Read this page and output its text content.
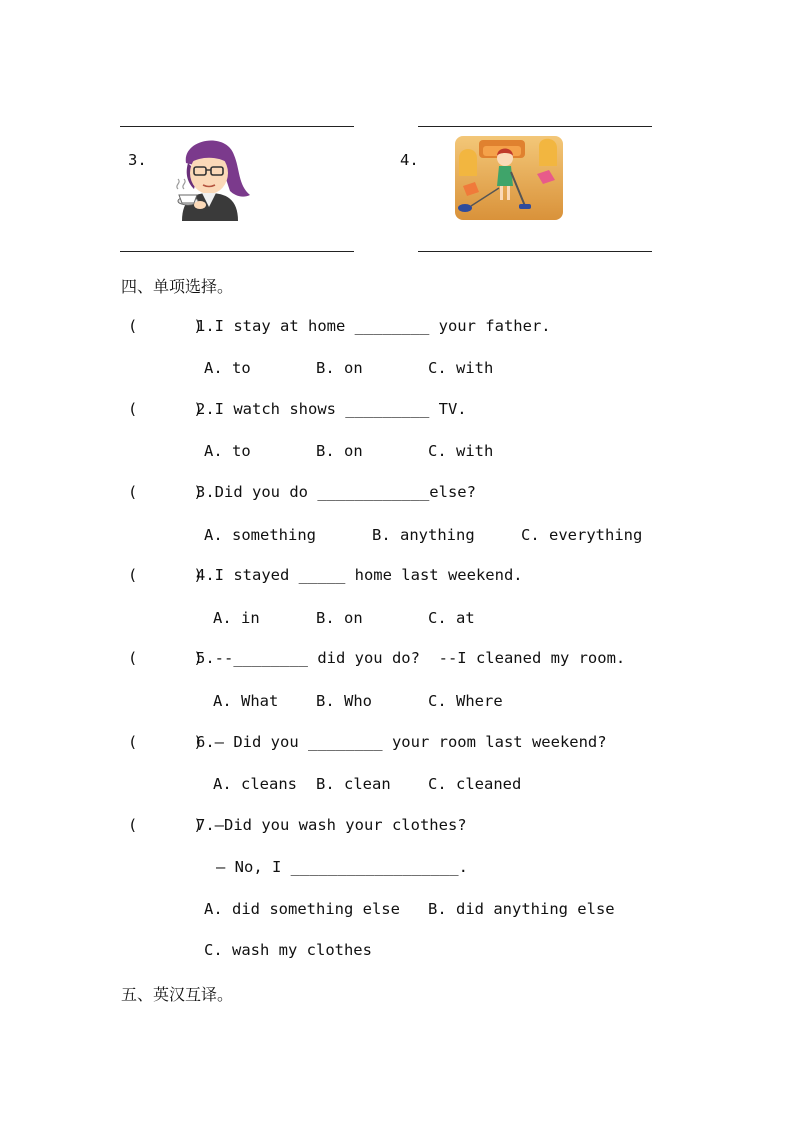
3.	4.
四、单项选择。
(      )
1.I stay at home ________ your father.
A. to	B. on	C. with
(      )
2.I watch shows _________ TV.
A. to	B. on	C. with
(      )
3.Did you do ____________else?
A. something	B. anything	C. everything
(      )
4.I stayed _____ home last weekend.
A. in	B. on	C. at
(      )
5.--________ did you do?  --I cleaned my room.
A. What B. Who	C. Where
(      )
6.– Did you ________ your room last weekend?
A. cleans B. clean C. cleaned
(      )
7.–Did you wash your clothes?
– No, I __________________.
A. did something else B. did anything else
C. wash my clothes
五、英汉互译。
